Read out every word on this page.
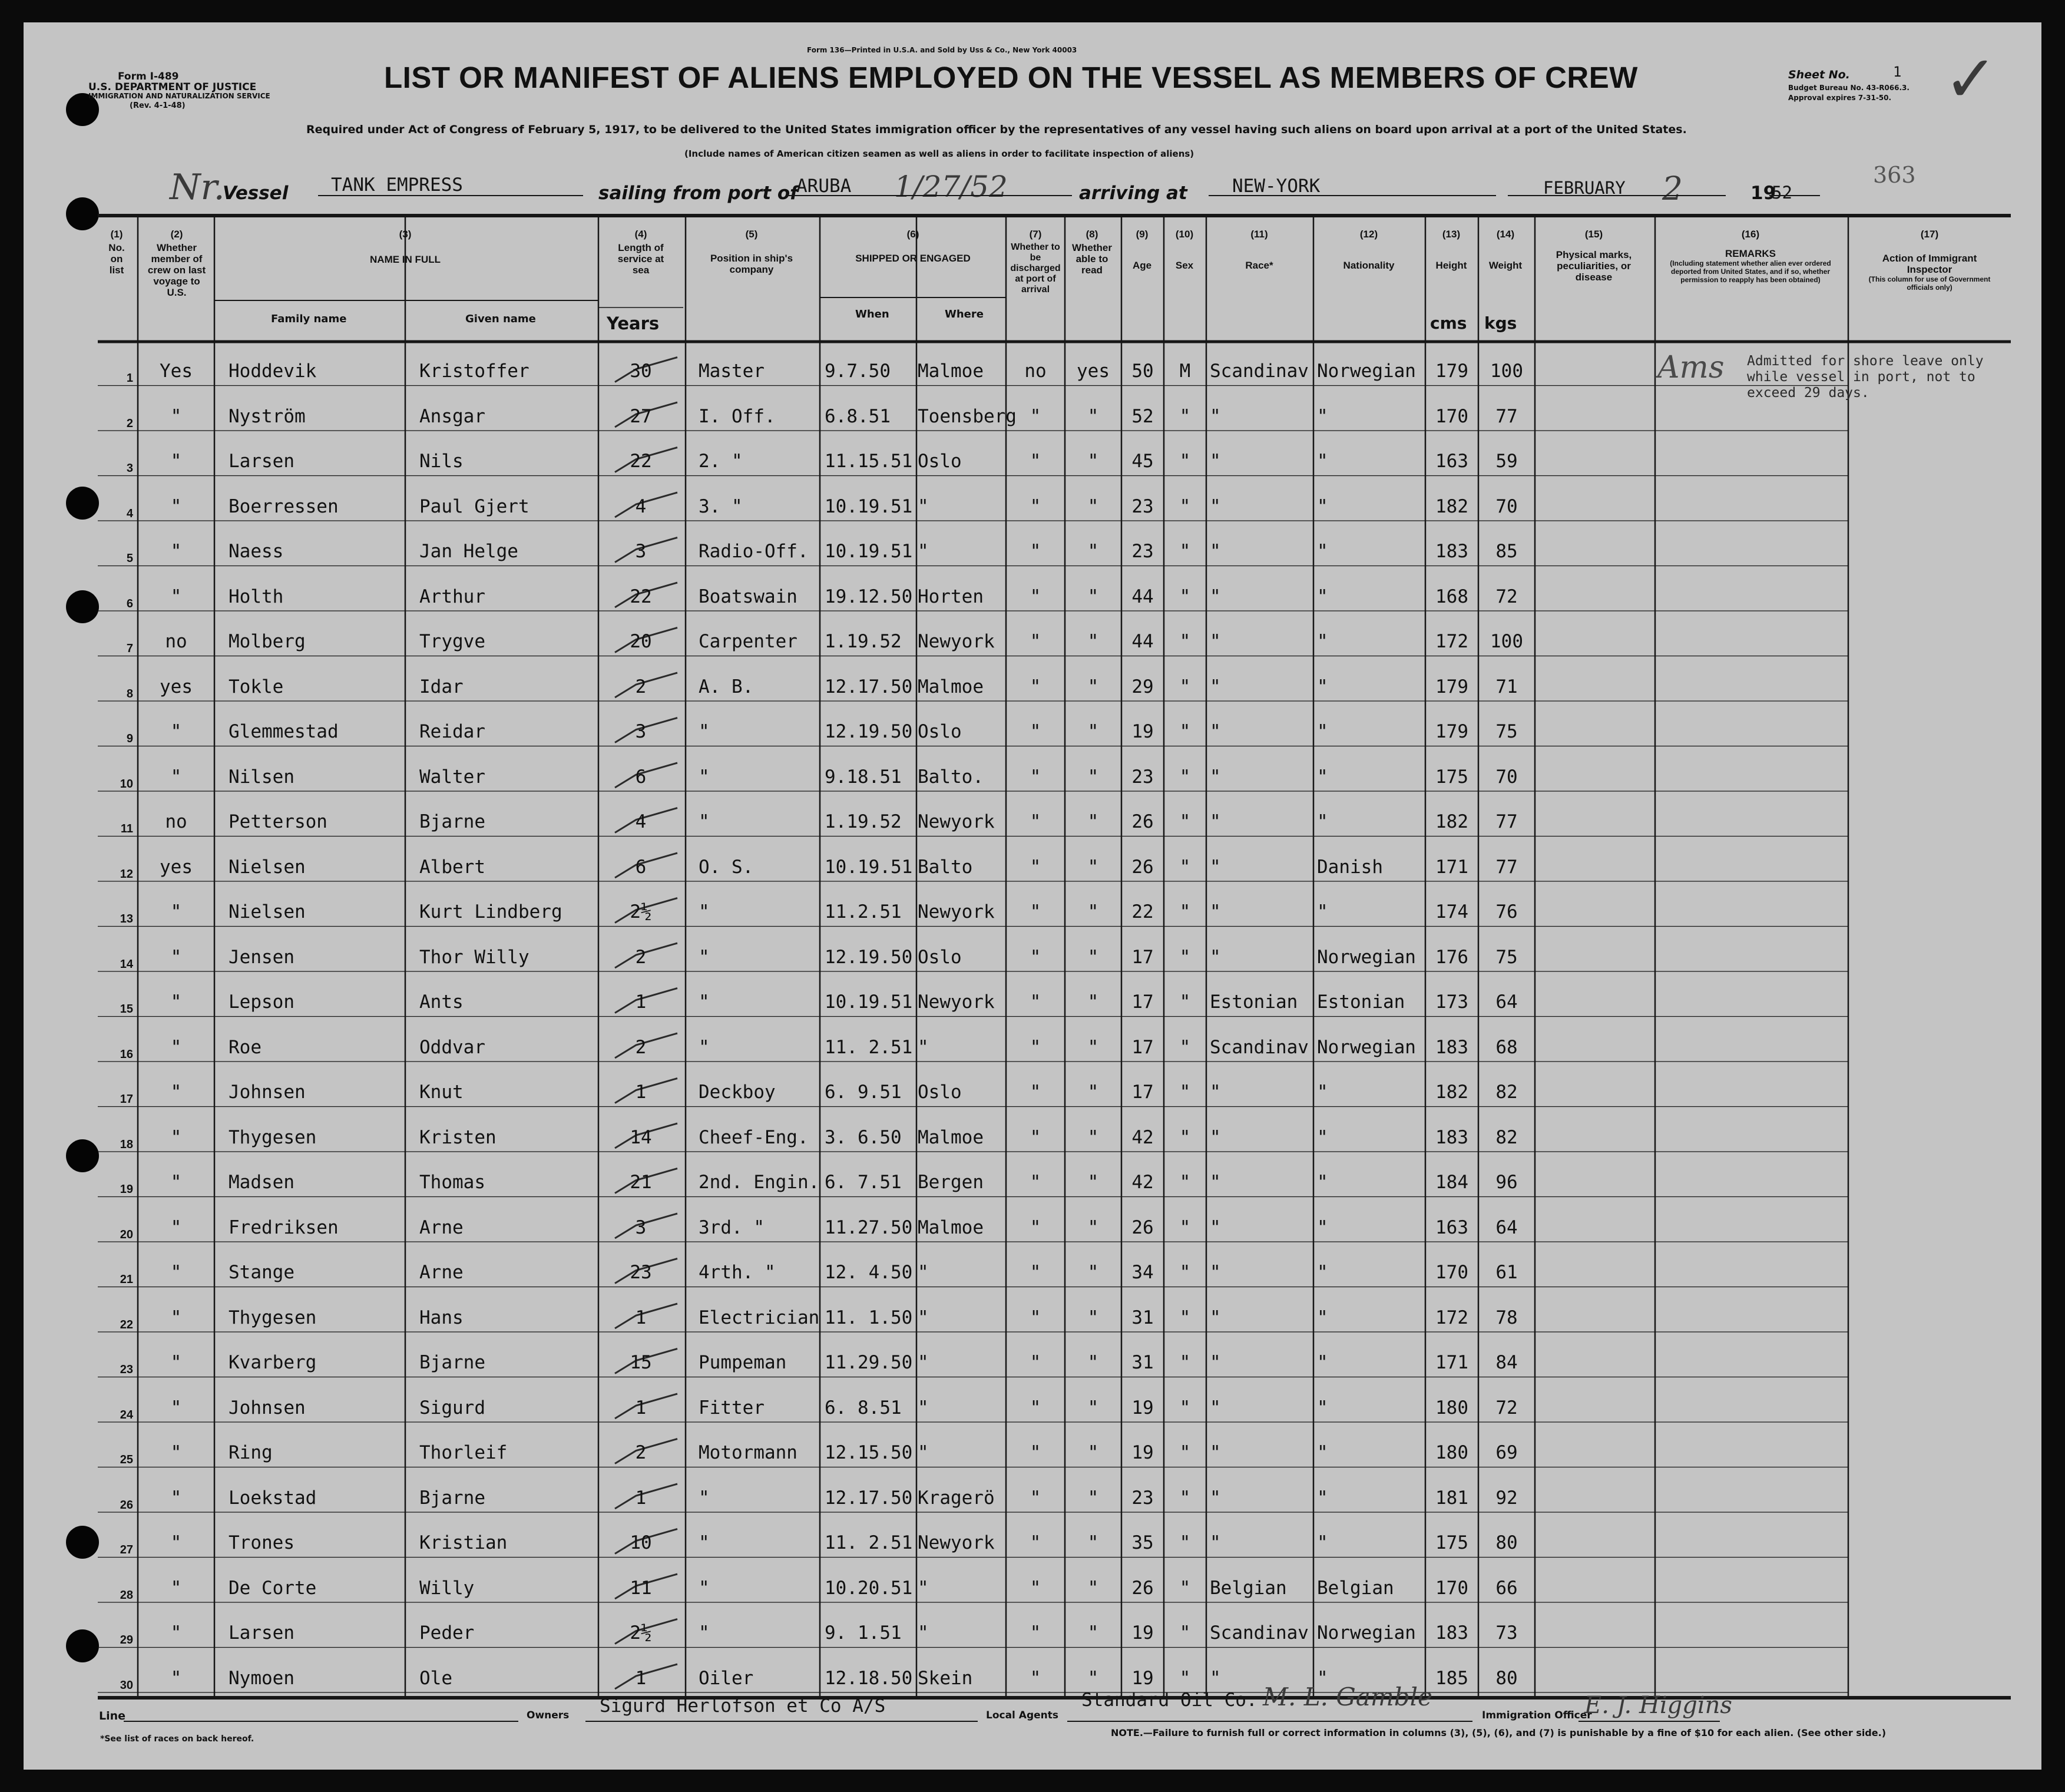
Form I-489
U.S. DEPARTMENT OF JUSTICE
IMMIGRATION AND NATURALIZATION SERVICE
(Rev. 4-1-48)
Form 136—Printed in U.S.A. and Sold by Uss & Co., New York 40003
LIST OR MANIFEST OF ALIENS EMPLOYED ON THE VESSEL AS MEMBERS OF CREW	Sheet No.	1
Budget Bureau No. 43-R066.3.
Approval expires 7-31-50. ✓
Required under Act of Congress of February 5, 1917, to be delivered to the United States immigration officer by the representatives of any vessel having such aliens on board upon arrival at a port of the United States.
(Include names of American citizen seamen as well as aliens in order to facilitate inspection of aliens)
363
Nr.
Vessel TANK EMPRESS	sailing from port of
ARUBA 1/27/52	arriving at NEW-YORK	FEBRUARY 2	19
52
(1)
No. on list
(2)
Whether member of crew on last voyage to U.S.
(3)
NAME IN FULL
Family name	Given name
(4)
Length of service at sea
Years
(5)
Position in ship's company
(6)
SHIPPED OR ENGAGED
When	Where
(7)
Whether to be discharged at port of arrival
(8)
Whether able to read
(9)
Age
(10)
Sex
(11)
Race*
(12)
Nationality
(13)
Height
cms
(14)
Weight
kgs
(15)
Physical marks, peculiarities, or disease
(16)
REMARKS
(Including statement whether alien ever ordered deported from United States, and if so, whether permission to reapply has been obtained)
(17)
Action of Immigrant Inspector
(This column for use of Government officials only)
1	Yes	Hoddevik	Kristoffer	30	Master	9.7.50	Malmoe	no	yes	50	M	Scandinav Norwegian	179	100
2	"	Nyström	Ansgar	27	I. Off.	6.8.51	Toensberg "	"	52	"	"	"	170	77
3	"	Larsen	Nils	22	2. "	11.15.51 Oslo	"	"	45	"	"	"	163	59
4	"	Boerressen	Paul Gjert	4	3. "	10.19.51 "	"	"	23	"	"	"	182	70
5	"	Naess	Jan Helge	3	Radio-Off. 10.19.51 "	"	"	23	"	"	"	183	85
6	"	Holth	Arthur	22	Boatswain	19.12.50 Horten	"	"	44	"	"	"	168	72
7	no	Molberg	Trygve	20	Carpenter	1.19.52 Newyork	"	"	44	"	"	"	172	100
8	yes	Tokle	Idar	2	A. B.	12.17.50 Malmoe	"	"	29	"	"	"	179	71
9	"	Glemmestad	Reidar	3	"	12.19.50 Oslo	"	"	19	"	"	"	179	75
10	"	Nilsen	Walter	6	"	9.18.51 Balto.	"	"	23	"	"	"	175	70
11	no	Petterson	Bjarne	4	"	1.19.52 Newyork	"	"	26	"	"	"	182	77
12	yes	Nielsen	Albert	6	O. S.	10.19.51 Balto	"	"	26	"	"	Danish	171	77
13	"	Nielsen	Kurt Lindberg	2½	"	11.2.51 Newyork	"	"	22	"	"	"	174	76
14	"	Jensen	Thor Willy	2	"	12.19.50 Oslo	"	"	17	"	"	Norwegian	176	75
15	"	Lepson	Ants	1	"	10.19.51 Newyork	"	"	17	"	Estonian	Estonian	173	64
16	"	Roe	Oddvar	2	"	11. 2.51 "	"	"	17	"	Scandinav Norwegian	183	68
17	"	Johnsen	Knut	1	Deckboy	6. 9.51 Oslo	"	"	17	"	"	"	182	82
18	"	Thygesen	Kristen	14	Cheef-Eng. 3. 6.50 Malmoe	"	"	42	"	"	"	183	82
19	"	Madsen	Thomas	21	2nd. Engin. 6. 7.51 Bergen	"	"	42	"	"	"	184	96
20	"	Fredriksen	Arne	3	3rd. "	11.27.50 Malmoe	"	"	26	"	"	"	163	64
21	"	Stange	Arne	23	4rth. "	12. 4.50 "	"	"	34	"	"	"	170	61
22	"	Thygesen	Hans	1	Electrician 11. 1.50 "	"	"	31	"	"	"	172	78
23	"	Kvarberg	Bjarne	15	Pumpeman	11.29.50 "	"	"	31	"	"	"	171	84
24	"	Johnsen	Sigurd	1	Fitter	6. 8.51 "	"	"	19	"	"	"	180	72
25	"	Ring	Thorleif	2	Motormann	12.15.50 "	"	"	19	"	"	"	180	69
26	"	Loekstad	Bjarne	1	"	12.17.50 Kragerö	"	"	23	"	"	"	181	92
27	"	Trones	Kristian	10	"	11. 2.51 Newyork	"	"	35	"	"	"	175	80
28	"	De Corte	Willy	11	"	10.20.51 "	"	"	26	"	Belgian	Belgian	170	66
29	"	Larsen	Peder	2½	"	9. 1.51 "	"	"	19	"	Scandinav Norwegian	183	73
30	"	Nymoen	Ole	1	Oiler	12.18.50 Skein	"	"	19	"	"	"	185	80
Admitted for shore leave only while vessel in port, not to exceed 29 days.
Ams
Line	Owners Sigurd Herlofson et Co A/S	Local Agents
Standard Oil Co. M. L. Gamble
Immigration Officer
E. J. Higgins
*See list of races on back hereof.
NOTE.—Failure to furnish full or correct information in columns (3), (5), (6), and (7) is punishable by a fine of $10 for each alien. (See other side.)
